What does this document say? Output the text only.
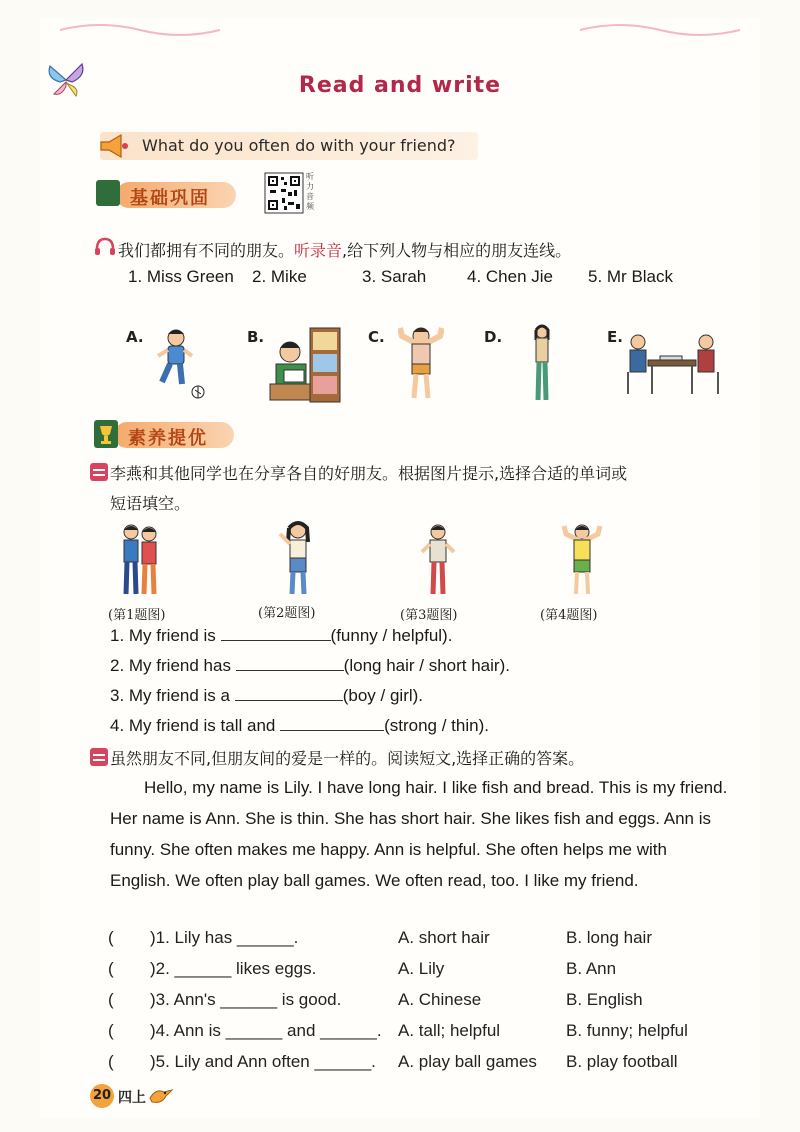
Read and write
What do you often do with your friend?
基础巩固
听力音频
我们都拥有不同的朋友。听录音,给下列人物与相应的朋友连线。
1. Miss Green 2. Mike	3. Sarah 4. Chen Jie 5. Mr Black
A.	B.	C.	D.	E.
素养提优
李燕和其他同学也在分享各自的好朋友。根据图片提示,选择合适的单词或
短语填空。
(第1题图)	(第2题图)	(第3题图)	(第4题图)
1. My friend is	(funny / helpful).
2. My friend has	(long hair / short hair).
3. My friend is a	(boy / girl).
4. My friend is tall and	(strong / thin).
虽然朋友不同,但朋友间的爱是一样的。阅读短文,选择正确的答案。
Hello, my name is Lily. I have long hair. I like fish and bread. This is my friend. Her name is Ann. She is thin. She has short hair. She likes fish and eggs. Ann is funny. She often makes me happy. Ann is helpful. She often helps me with English. We often play ball games. We often read, too. I like my friend.
( )1. Lily has ______.	A. short hair	B. long hair
( )2. ______ likes eggs.	A. Lily	B. Ann
( )3. Ann's ______ is good.	A. Chinese	B. English
( )4. Ann is ______ and ______. A. tall; helpful	B. funny; helpful
( )5. Lily and Ann often ______. A. play ball games B. play football
20 四上
